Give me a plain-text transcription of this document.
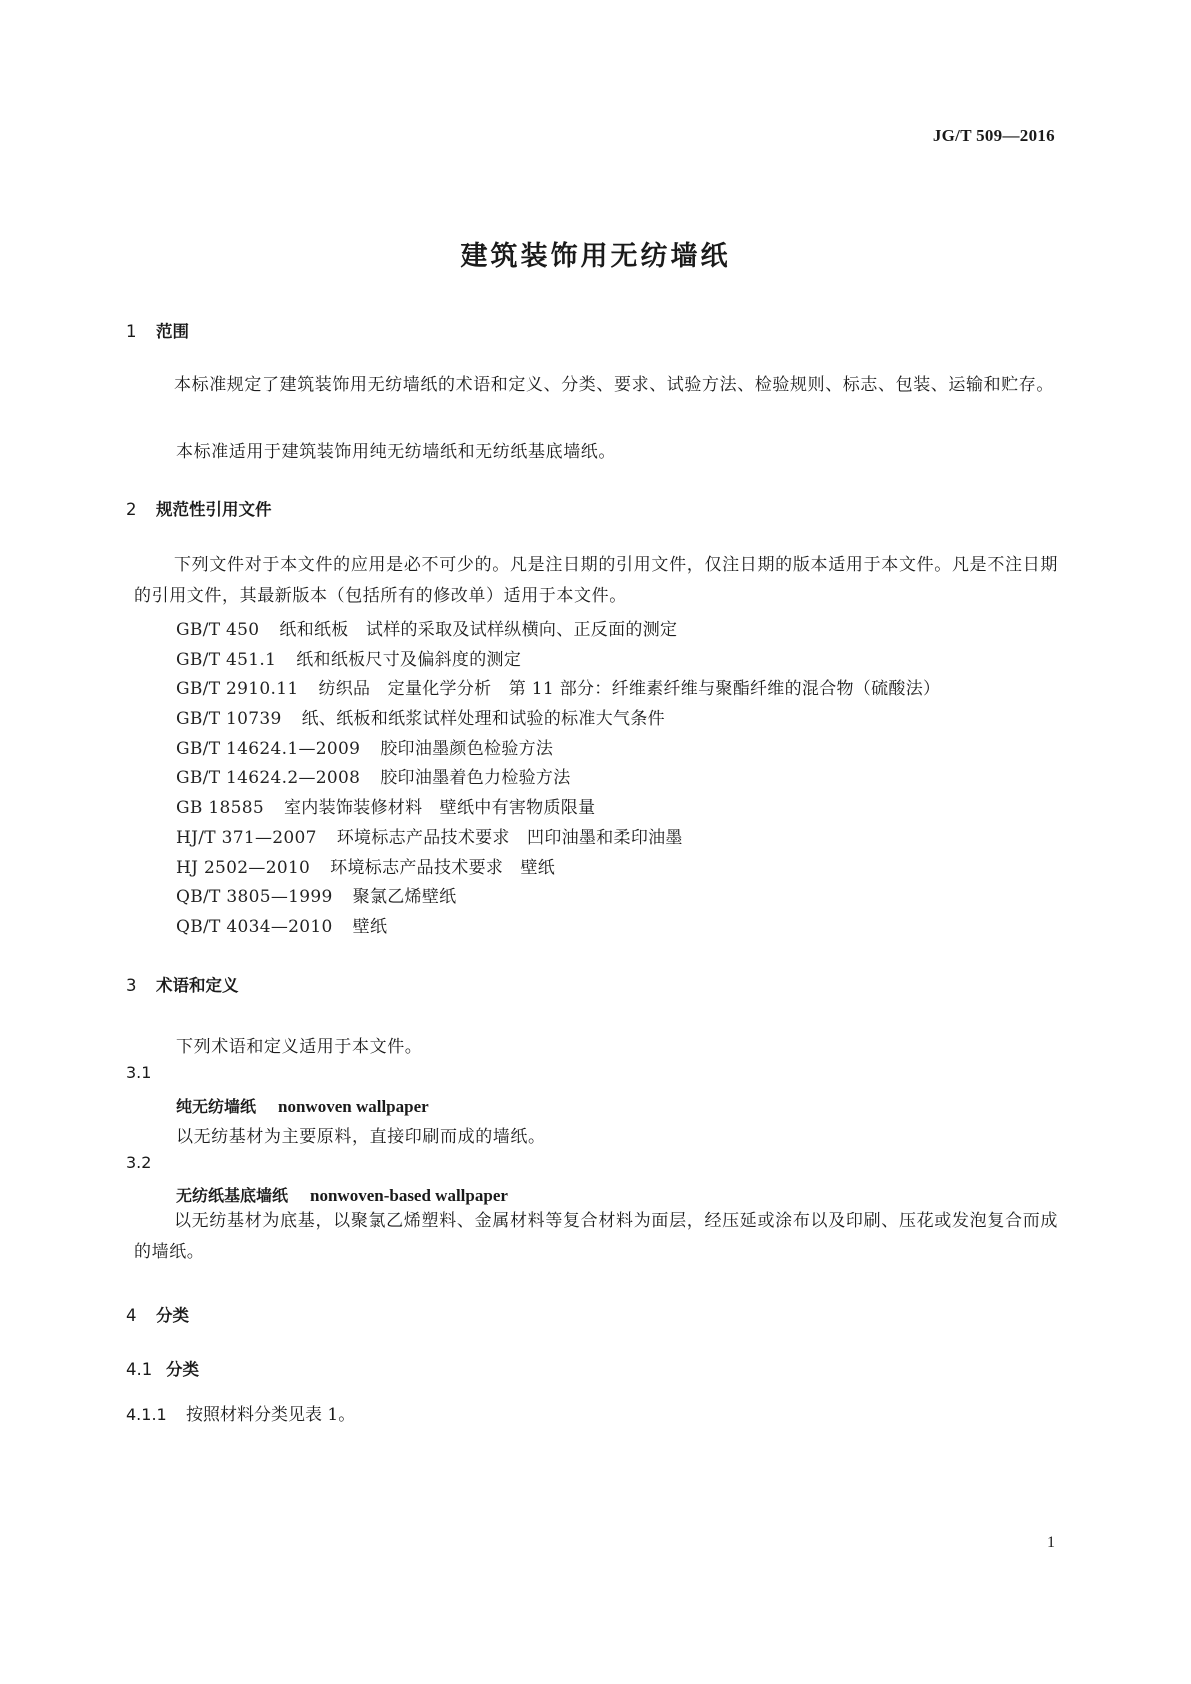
JG/T 509—2016
建筑装饰用无纺墙纸
1 范围
本标准规定了建筑装饰用无纺墙纸的术语和定义、分类、要求、试验方法、检验规则、标志、包装、运输和贮存。
本标准适用于建筑装饰用纯无纺墙纸和无纺纸基底墙纸。
2 规范性引用文件
下列文件对于本文件的应用是必不可少的。凡是注日期的引用文件，仅注日期的版本适用于本文件。凡是不注日期的引用文件，其最新版本（包括所有的修改单）适用于本文件。
GB/T 450 纸和纸板　试样的采取及试样纵横向、正反面的测定
GB/T 451.1 纸和纸板尺寸及偏斜度的测定
GB/T 2910.11 纺织品　定量化学分析　第 11 部分：纤维素纤维与聚酯纤维的混合物（硫酸法）
GB/T 10739 纸、纸板和纸浆试样处理和试验的标准大气条件
GB/T 14624.1—2009 胶印油墨颜色检验方法
GB/T 14624.2—2008 胶印油墨着色力检验方法
GB 18585 室内装饰装修材料　壁纸中有害物质限量
HJ/T 371—2007 环境标志产品技术要求　凹印油墨和柔印油墨
HJ 2502—2010 环境标志产品技术要求　壁纸
QB/T 3805—1999 聚氯乙烯壁纸
QB/T 4034—2010 壁纸
3 术语和定义
下列术语和定义适用于本文件。
3.1
纯无纺墙纸 nonwoven wallpaper
以无纺基材为主要原料，直接印刷而成的墙纸。
3.2
无纺纸基底墙纸 nonwoven-based wallpaper
以无纺基材为底基，以聚氯乙烯塑料、金属材料等复合材料为面层，经压延或涂布以及印刷、压花或发泡复合而成的墙纸。
4 分类
4.1 分类
4.1.1 按照材料分类见表 1。
1
